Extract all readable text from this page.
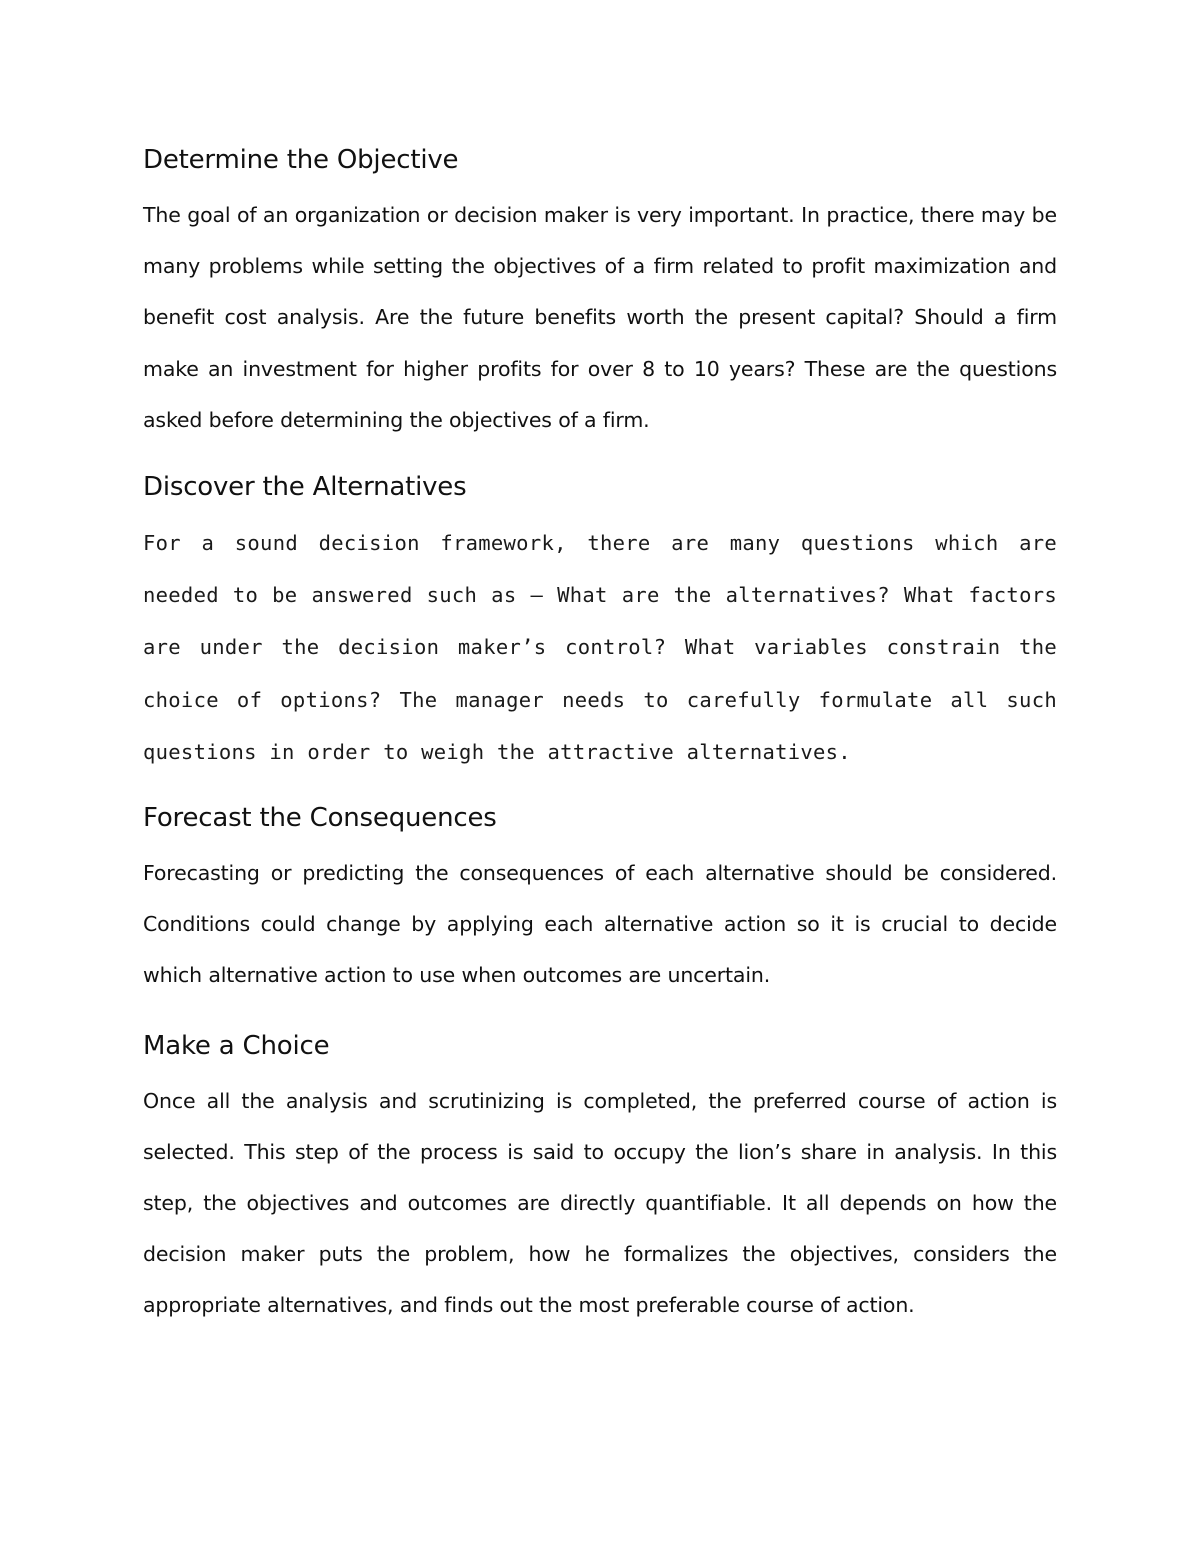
Determine the Objective

The goal of an organization or decision maker is very important. In practice, there may be many problems while setting the objectives of a firm related to profit maximization and benefit cost analysis. Are the future benefits worth the present capital? Should a firm make an investment for higher profits for over 8 to 10 years? These are the questions asked before determining the objectives of a firm.

Discover the Alternatives

For a sound decision framework, there are many questions which are needed to be answered such as – What are the alternatives? What factors are under the decision maker’s control? What variables constrain the choice of options? The manager needs to carefully formulate all such questions in order to weigh the attractive alternatives.

Forecast the Consequences

Forecasting or predicting the consequences of each alternative should be considered. Conditions could change by applying each alternative action so it is crucial to decide which alternative action to use when outcomes are uncertain.

Make a Choice

Once all the analysis and scrutinizing is completed, the preferred course of action is selected. This step of the process is said to occupy the lion’s share in analysis. In this step, the objectives and outcomes are directly quantifiable. It all depends on how the decision maker puts the problem, how he formalizes the objectives, considers the appropriate alternatives, and finds out the most preferable course of action.
